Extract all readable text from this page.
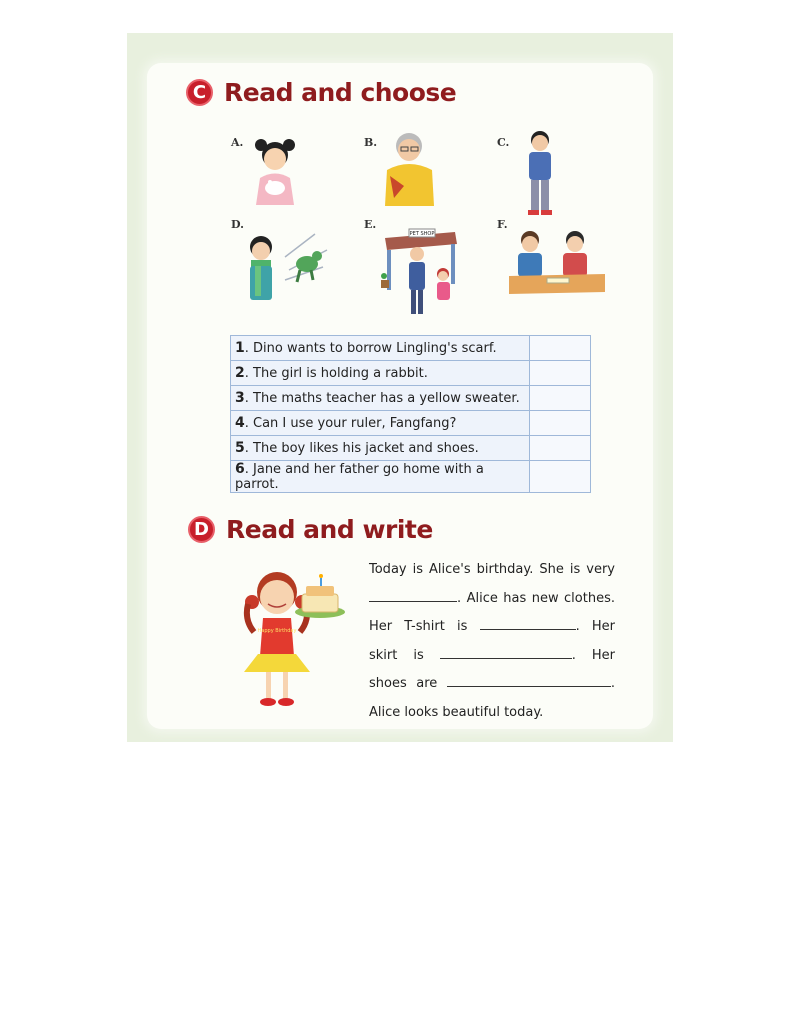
C Read and choose
A.	B.	C.
D.	E.
PET SHOP
F.
1. Dino wants to borrow Lingling's scarf.	
2. The girl is holding a rabbit.	
3. The maths teacher has a yellow sweater.	
4. Can I use your ruler, Fangfang?	
5. The boy likes his jacket and shoes.	
6. Jane and her father go home with a parrot.	
D Read and write
Happy Birthday
Today is Alice's birthday. She is very . Alice has new clothes. Her T-shirt is	. Her skirt is	. Her shoes are	. Alice looks beautiful today.
